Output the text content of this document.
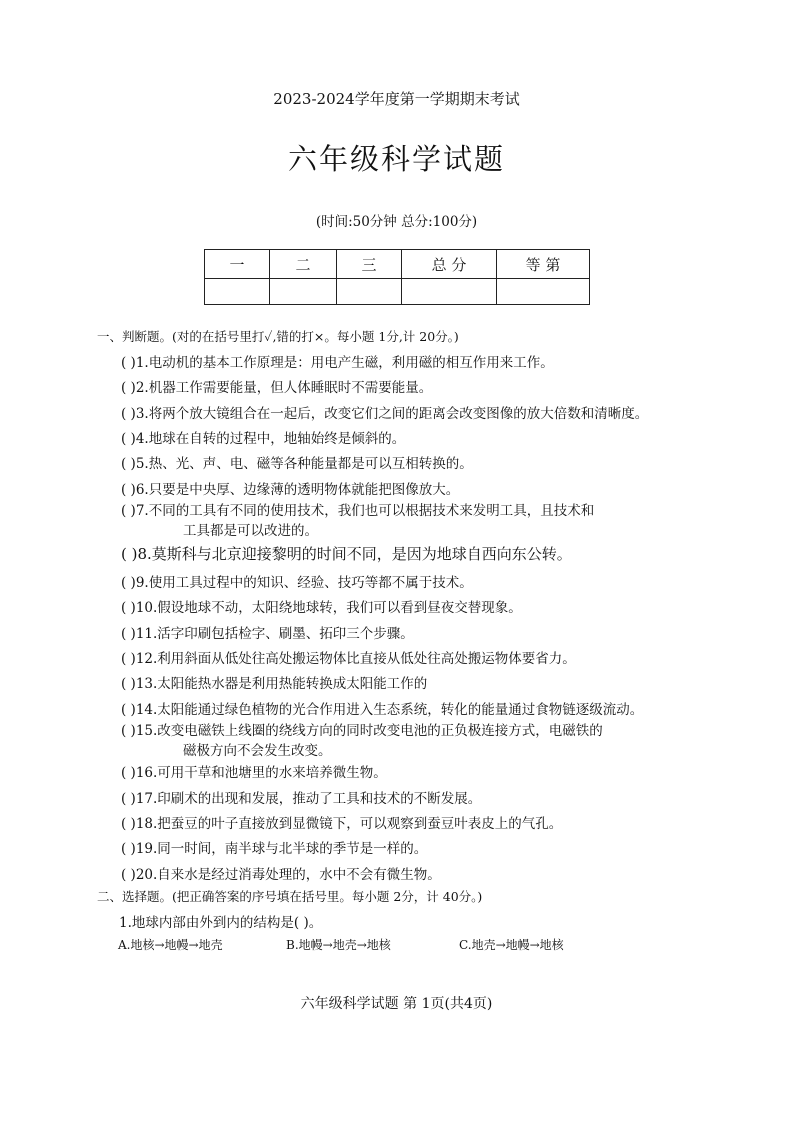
2023-2024学年度第一学期期末考试
六年级科学试题
(时间:50分钟 总分:100分)
一	二	三	总 分	等 第

一、判断题。(对的在括号里打✓,错的打×。每小题 1分,计 20分。)
( )1.电动机的基本工作原理是：用电产生磁，利用磁的相互作用来工作。
( )2.机器工作需要能量，但人体睡眠时不需要能量。
( )3.将两个放大镜组合在一起后，改变它们之间的距离会改变图像的放大倍数和清晰度。
( )4.地球在自转的过程中，地轴始终是倾斜的。
( )5.热、光、声、电、磁等各种能量都是可以互相转换的。
( )6.只要是中央厚、边缘薄的透明物体就能把图像放大。
( )7.不同的工具有不同的使用技术，我们也可以根据技术来发明工具，且技术和
工具都是可以改进的。
( )8.莫斯科与北京迎接黎明的时间不同，是因为地球自西向东公转。
( )9.使用工具过程中的知识、经验、技巧等都不属于技术。
( )10.假设地球不动，太阳绕地球转，我们可以看到昼夜交替现象。
( )11.活字印刷包括检字、刷墨、拓印三个步骤。
( )12.利用斜面从低处往高处搬运物体比直接从低处往高处搬运物体要省力。
( )13.太阳能热水器是利用热能转换成太阳能工作的
( )14.太阳能通过绿色植物的光合作用进入生态系统，转化的能量通过食物链逐级流动。
( )15.改变电磁铁上线圈的绕线方向的同时改变电池的正负极连接方式，电磁铁的
磁极方向不会发生改变。
( )16.可用干草和池塘里的水来培养微生物。
( )17.印刷术的出现和发展，推动了工具和技术的不断发展。
( )18.把蚕豆的叶子直接放到显微镜下，可以观察到蚕豆叶表皮上的气孔。
( )19.同一时间，南半球与北半球的季节是一样的。
( )20.自来水是经过消毒处理的，水中不会有微生物。
二、选择题。(把正确答案的序号填在括号里。每小题 2分，计 40分。)
1.地球内部由外到内的结构是( )。
A.地核→地幔→地壳	B.地幔→地壳→地核	C.地壳→地幔→地核
六年级科学试题 第 1页(共4页)
